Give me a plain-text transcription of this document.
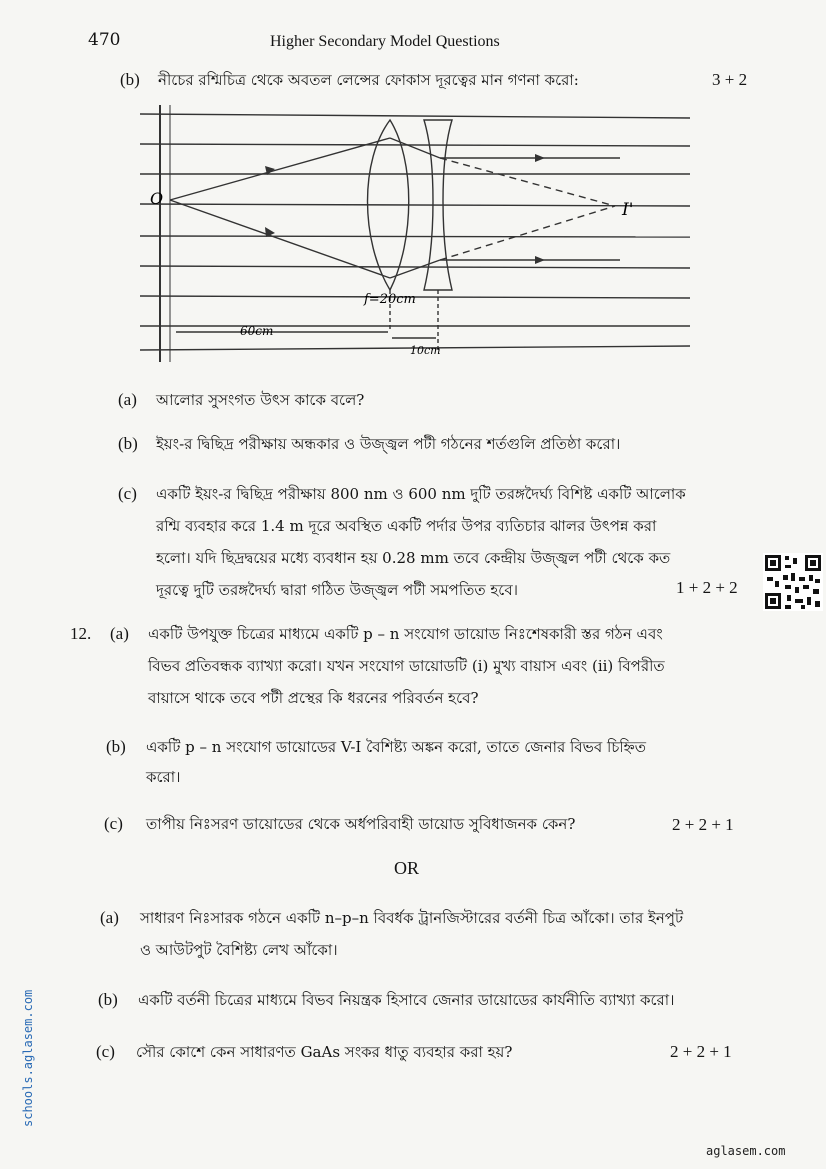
470	Higher Secondary Model Questions
(b) নীচের রশ্মিচিত্র থেকে অবতল লেন্সের ফোকাস দূরত্বের মান গণনা করো:	3 + 2
O
I'
f=20cm
60cm
10cm
(a) আলোর সুসংগত উৎস কাকে বলে?
(b) ইয়ং-র দ্বিছিদ্র পরীক্ষায় অন্ধকার ও উজ্জ্বল পটী গঠনের শর্তগুলি প্রতিষ্ঠা করো।
(c) একটি ইয়ং-র দ্বিছিদ্র পরীক্ষায় 800 nm ও 600 nm দুটি তরঙ্গদৈর্ঘ্য বিশিষ্ট একটি আলোক
রশ্মি ব্যবহার করে 1.4 m দূরে অবস্থিত একটি পর্দার উপর ব্যতিচার ঝালর উৎপন্ন করা
হলো। যদি ছিদ্রদ্বয়ের মধ্যে ব্যবধান হয় 0.28 mm তবে কেন্দ্রীয় উজ্জ্বল পটী থেকে কত
দূরত্বে দুটি তরঙ্গদৈর্ঘ্য দ্বারা গঠিত উজ্জ্বল পটী সমপতিত হবে।	1 + 2 + 2
12. (a) একটি উপযুক্ত চিত্রের মাধ্যমে একটি p – n সংযোগ ডায়োড নিঃশেষকারী স্তর গঠন এবং
বিভব প্রতিবন্ধক ব্যাখ্যা করো। যখন সংযোগ ডায়োডটি (i) মুখ্য বায়াস এবং (ii) বিপরীত
বায়াসে থাকে তবে পটী প্রস্থের কি ধরনের পরিবর্তন হবে?
(b) একটি p – n সংযোগ ডায়োডের V-I বৈশিষ্ট্য অঙ্কন করো, তাতে জেনার বিভব চিহ্নিত
করো।
(c) তাপীয় নিঃসরণ ডায়োডের থেকে অর্ধপরিবাহী ডায়োড সুবিধাজনক কেন?	2 + 2 + 1
OR
(a) সাধারণ নিঃসারক গঠনে একটি n–p–n বিবর্ধক ট্রানজিস্টারের বর্তনী চিত্র আঁকো। তার ইনপুট
ও আউটপুট বৈশিষ্ট্য লেখ আঁকো।
(b) একটি বর্তনী চিত্রের মাধ্যমে বিভব নিয়ন্ত্রক হিসাবে জেনার ডায়োডের কার্যনীতি ব্যাখ্যা করো।
(c) সৌর কোশে কেন সাধারণত GaAs সংকর ধাতু ব্যবহার করা হয়?	2 + 2 + 1
schools.aglasem.com
aglasem.com
